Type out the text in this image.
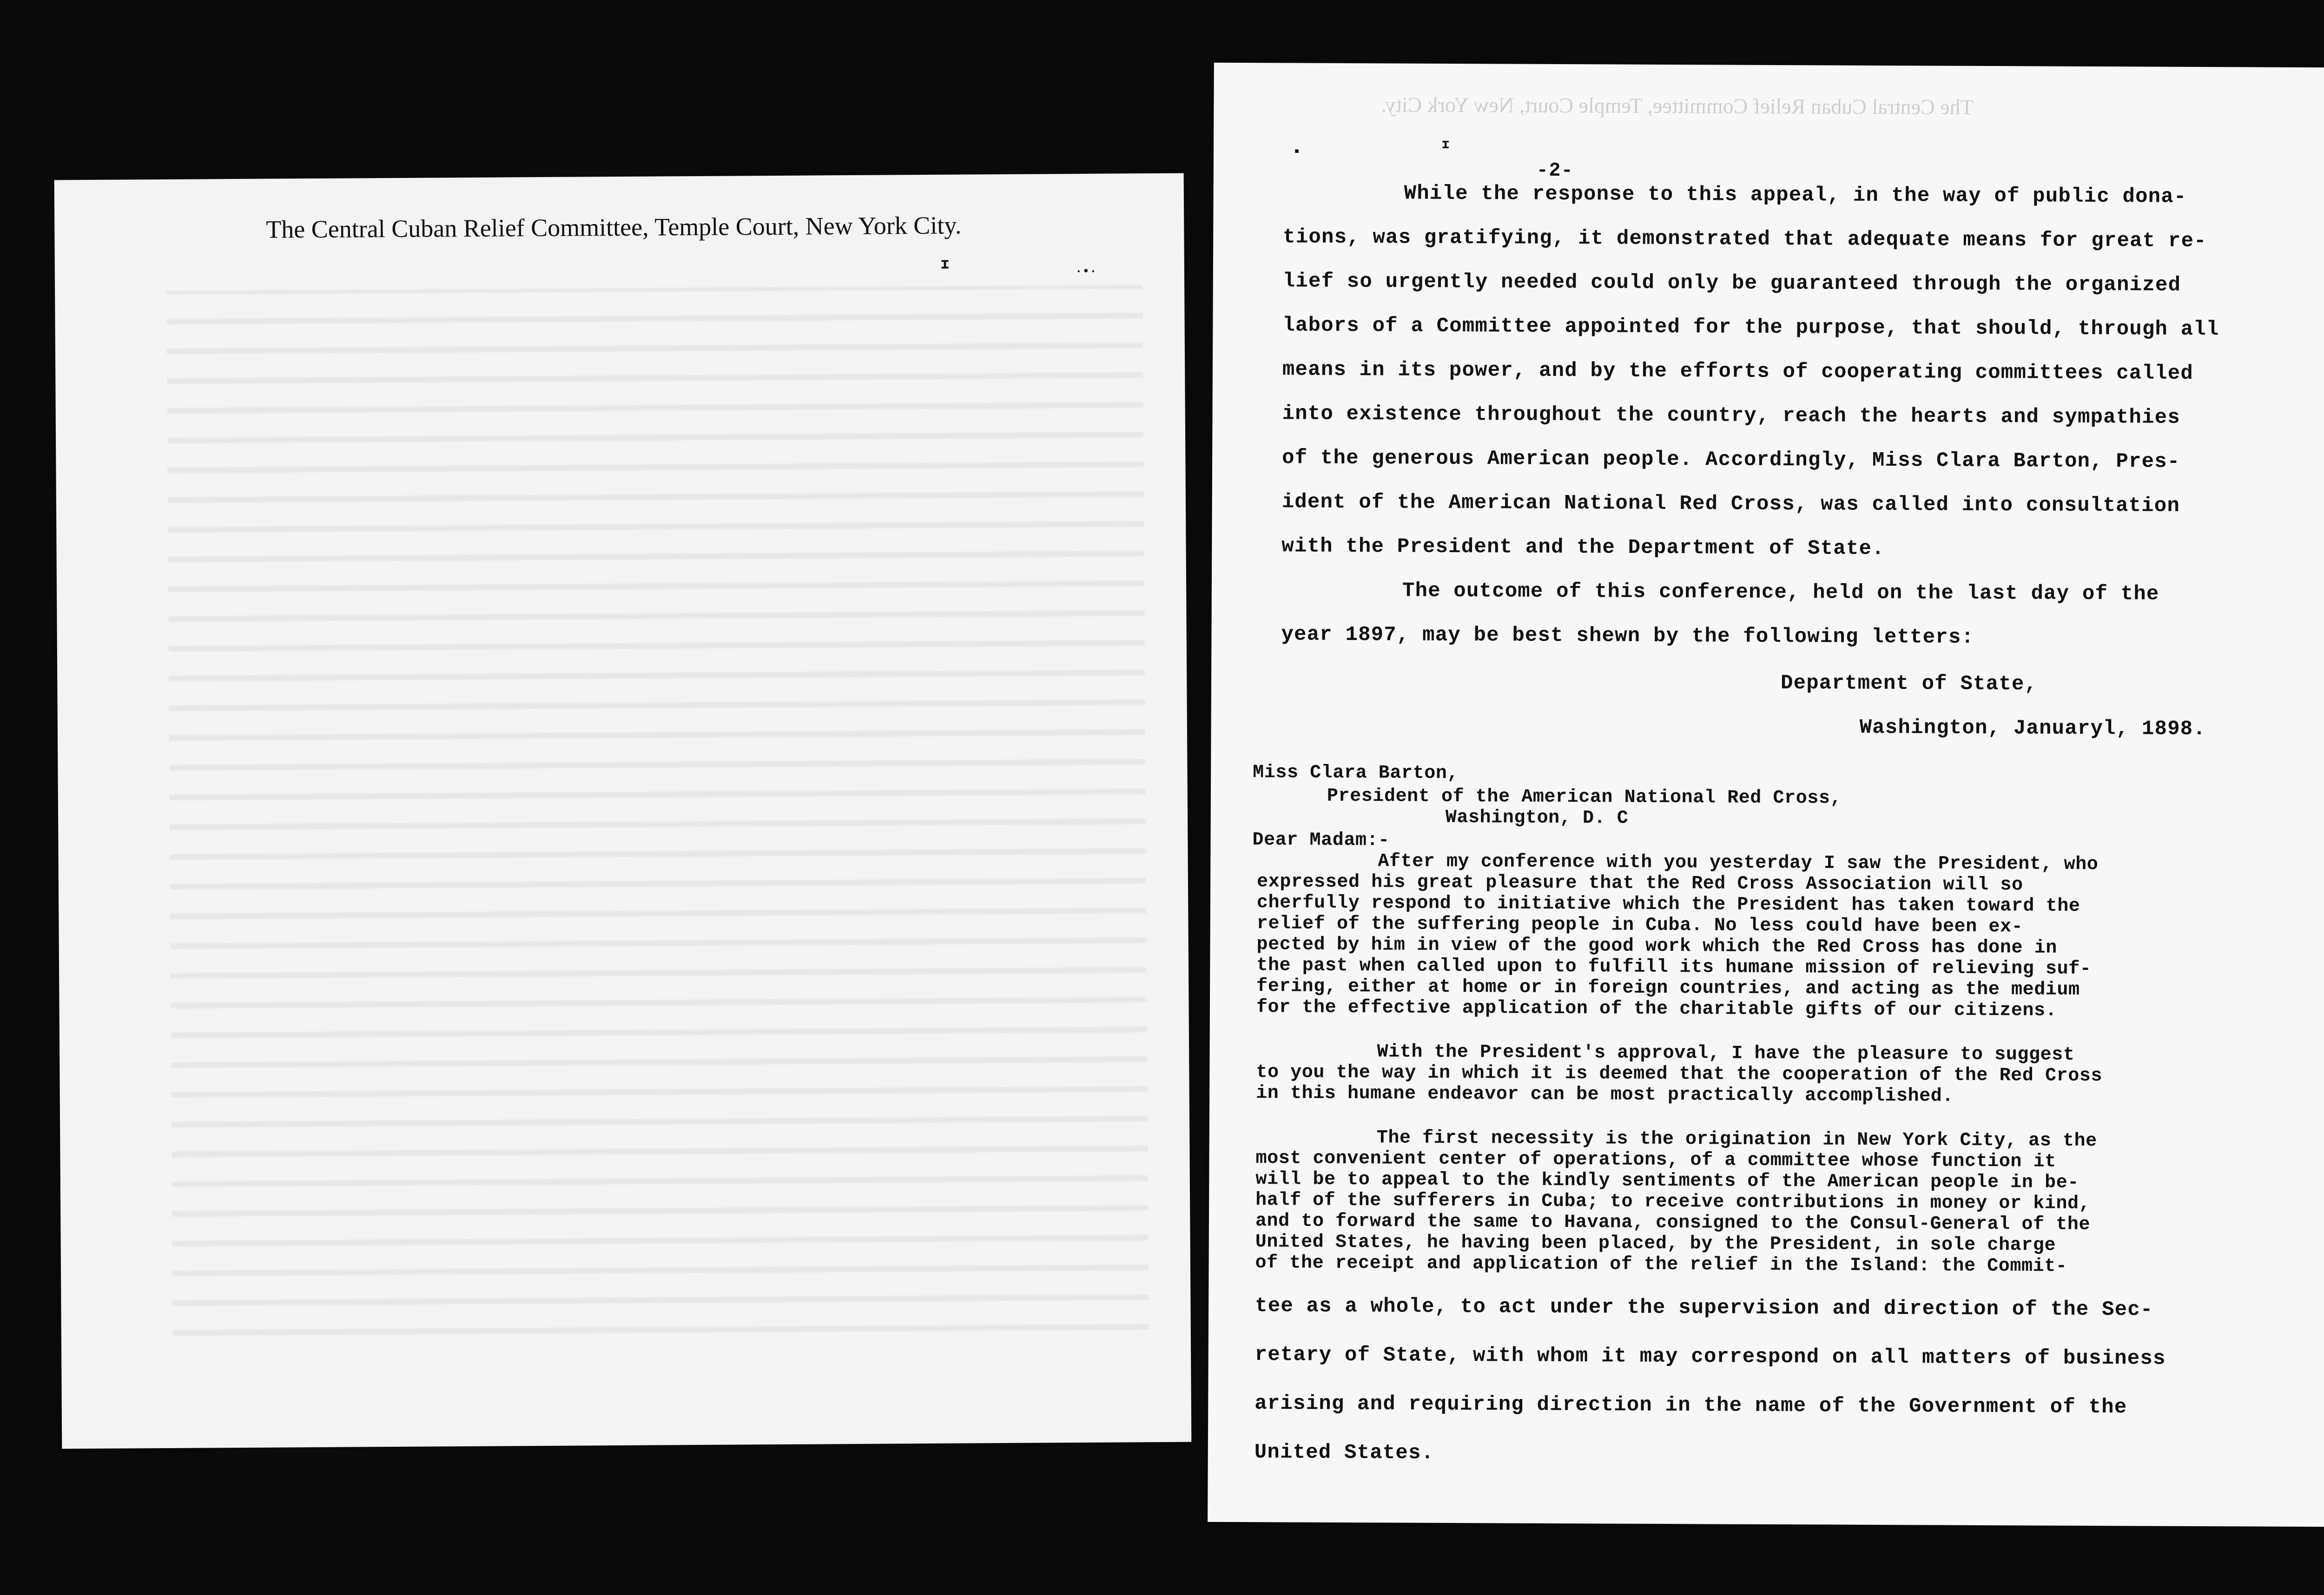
The Central Cuban Relief Committee, Temple Court, New York City.
ɪ	·•·
The Central Cuban Relief Committee, Temple Court, New York City.
▪	ɪ
-2-
While the response to this appeal, in the way of public dona-
tions, was gratifying, it demonstrated that adequate means for great re-
lief so urgently needed could only be guaranteed through the organized
labors of a Committee appointed for the purpose, that should, through all
means in its power, and by the efforts of cooperating committees called
into existence throughout the country, reach the hearts and sympathies
of the generous American people. Accordingly, Miss Clara Barton, Pres-
ident of the American National Red Cross, was called into consultation
with the President and the Department of State.
The outcome of this conference, held on the last day of the
year 1897, may be best shewn by the following letters:
Department of State,
Washington, Januaryl, 1898.
Miss Clara Barton,
President of the American National Red Cross,
Washington, D. C
Dear Madam:-
After my conference with you yesterday I saw the President, who
expressed his great pleasure that the Red Cross Association will so
cherfully respond to initiative which the President has taken toward the
relief of the suffering people in Cuba. No less could have been ex-
pected by him in view of the good work which the Red Cross has done in
the past when called upon to fulfill its humane mission of relieving suf-
fering, either at home or in foreign countries, and acting as the medium
for the effective application of the charitable gifts of our citizens.
With the President's approval, I have the pleasure to suggest
to you the way in which it is deemed that the cooperation of the Red Cross
in this humane endeavor can be most practically accomplished.
The first necessity is the origination in New York City, as the
most convenient center of operations, of a committee whose function it
will be to appeal to the kindly sentiments of the American people in be-
half of the sufferers in Cuba; to receive contributions in money or kind,
and to forward the same to Havana, consigned to the Consul-General of the
United States, he having been placed, by the President, in sole charge
of the receipt and application of the relief in the Island: the Commit-
tee as a whole, to act under the supervision and direction of the Sec-
retary of State, with whom it may correspond on all matters of business
arising and requiring direction in the name of the Government of the
United States.
